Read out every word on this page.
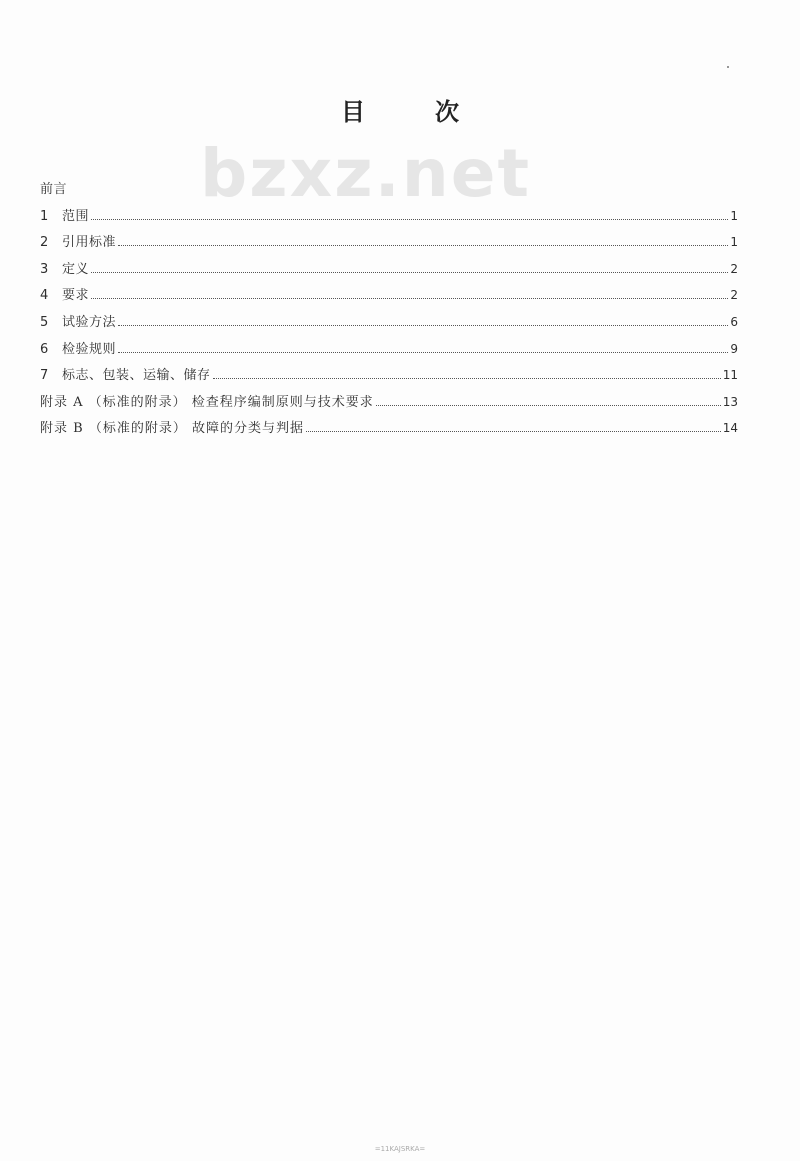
目	次
bzxz.net
前言
1	范围	1
2	引用标准	1
3	定义	2
4	要求	2
5	试验方法	6
6	检验规则	9
7	标志、包装、运输、储存	11
附录 A （标准的附录） 检查程序编制原则与技术要求	13
附录 B （标准的附录） 故障的分类与判据	14
=11KAJSRKA=
